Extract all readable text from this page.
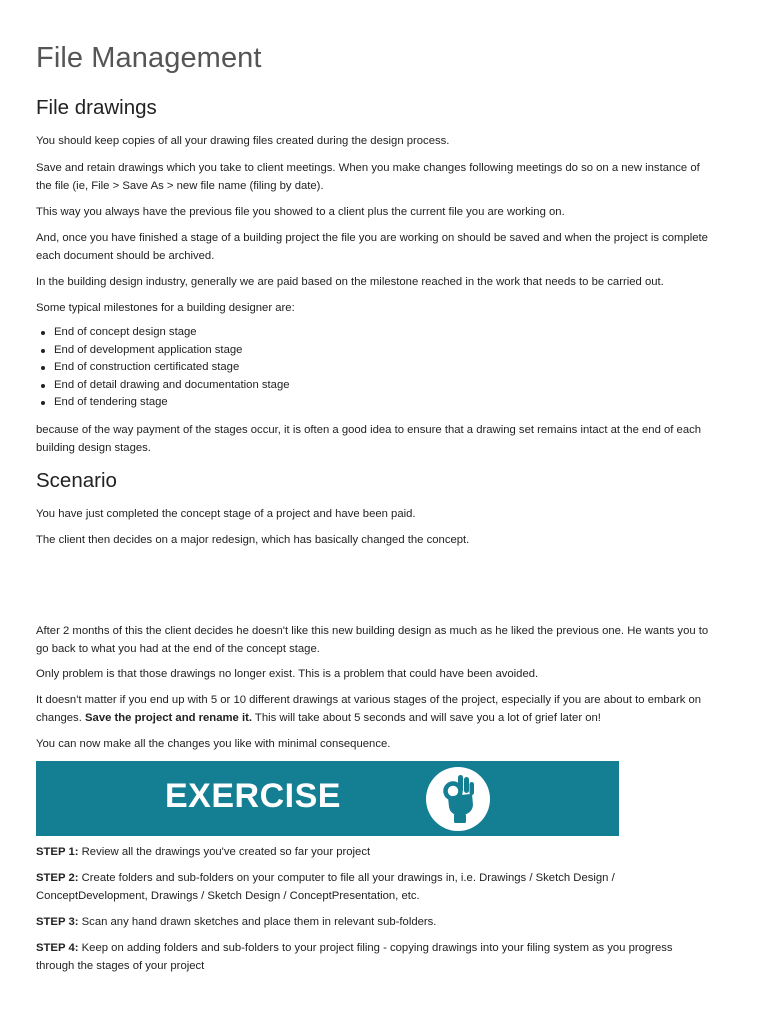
File Management
File drawings

You should keep copies of all your drawing files created during the design process.

Save and retain drawings which you take to client meetings. When you make changes following meetings do so on a new instance of

the file (ie, File > Save As > new file name (filing by date).

This way you always have the previous file you showed to a client plus the current file you are working on.

And, once you have finished a stage of a building project the file you are working on should be saved and when the project is complete

each document should be archived.

In the building design industry, generally we are paid based on the milestone reached in the work that needs to be carried out.

Some typical milestones for a building designer are:

End of concept design stage
End of development application stage
End of construction certificated stage
End of detail drawing and documentation stage
End of tendering stage

because of the way payment of the stages occur, it is often a good idea to ensure that a drawing set remains intact at the end of each

building design stages.

Scenario

You have just completed the concept stage of a project and have been paid.

The client then decides on a major redesign, which has basically changed the concept.

After 2 months of this the client decides he doesn't like this new building design as much as he liked the previous one. He wants you to

go back to what you had at the end of the concept stage.

Only problem is that those drawings no longer exist. This is a problem that could have been avoided.

It doesn't matter if you end up with 5 or 10 different drawings at various stages of the project, especially if you are about to embark on

changes. Save the project and rename it. This will take about 5 seconds and will save you a lot of grief later on!

You can now make all the changes you like with minimal consequence.

EXERCISE

STEP 1: Review all the drawings you've created so far your project

STEP 2: Create folders and sub-folders on your computer to file all your drawings in, i.e. Drawings / Sketch Design /

ConceptDevelopment, Drawings / Sketch Design / ConceptPresentation, etc.

STEP 3: Scan any hand drawn sketches and place them in relevant sub-folders.

STEP 4: Keep on adding folders and sub-folders to your project filing - copying drawings into your filing system as you progress

through the stages of your project
